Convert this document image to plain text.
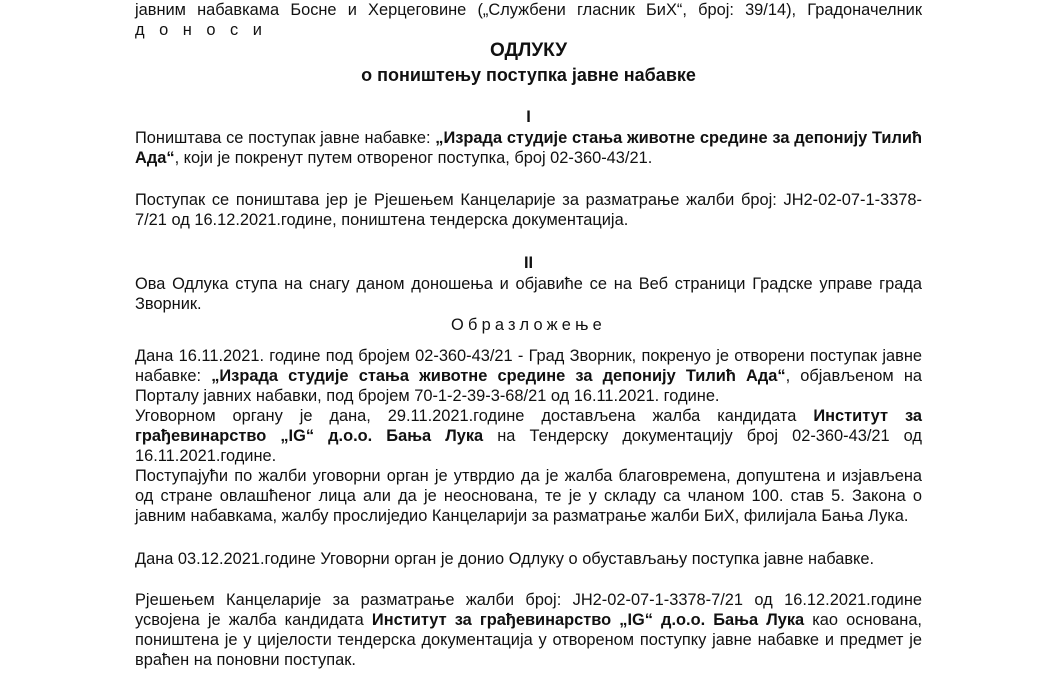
јавним набавкама Босне и Херцеговине („Службени гласник БиХ“, број: 39/14), Градоначелник

д о н о с и

ОДЛУКУ

о поништењу поступка јавне набавке

I

Поништава се поступак јавне набавке: „Израда студије стања животне средине за депонију Тилић Ада“, који је покренут путем отвореног поступка, број 02-360-43/21.

Поступак се поништава јер је Рјешењем Канцеларије за разматрање жалби број: ЈН2-02-07-1-3378-7/21 од 16.12.2021.године, поништена тендерска документација.

II

Ова Одлука ступа на снагу даном доношења и објавиће се на Веб страници Градске управе града Зворник.

Образложење

Дана 16.11.2021. године под бројем 02-360-43/21 - Град Зворник, покренуо је отворени поступак јавне набавке: „Израда студије стања животне средине за депонију Тилић Ада“, објављеном на Порталу јавних набавки, под бројем 70-1-2-39-3-68/21 од 16.11.2021. године.

Уговорном органу је дана, 29.11.2021.године достављена жалба кандидата Институт за грађевинарство „IG“ д.о.о. Бања Лука на Тендерску документацију број 02-360-43/21 од 16.11.2021.године.

Поступајући по жалби уговорни орган је утврдио да је жалба благовремена, допуштена и изјављена од стране овлашћеног лица али да је неоснована, те је у складу са чланом 100. став 5. Закона о јавним набавкама, жалбу прослиједио Канцеларији за разматрање жалби БиХ, филијала Бања Лука.

Дана 03.12.2021.године Уговорни орган је донио Одлуку о обустављању поступка јавне набавке.

Рјешењем Канцеларије за разматрање жалби број: ЈН2-02-07-1-3378-7/21 од 16.12.2021.године усвојена је жалба кандидата Институт за грађевинарство „IG“ д.о.о. Бања Лука као основана, поништена је у цијелости тендерска документација у отвореном поступку јавне набавке и предмет је враћен на поновни поступак.
